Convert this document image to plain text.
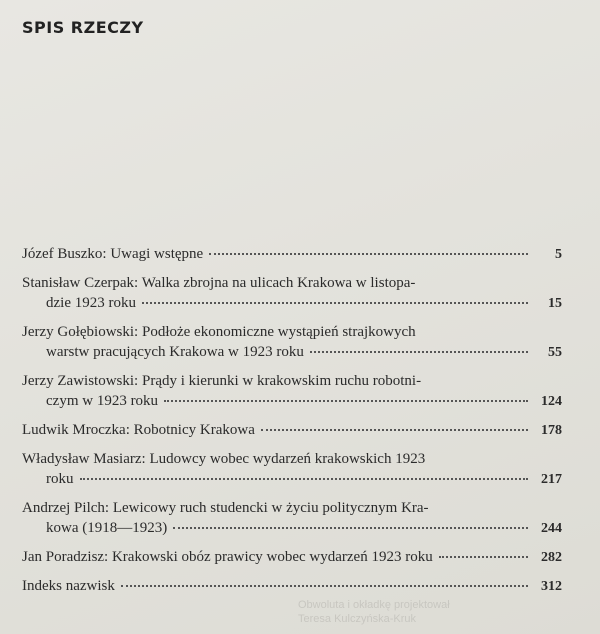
SPIS RZECZY
Józef Buszko: Uwagi wstępne	5
Stanisław Czerpak: Walka zbrojna na ulicach Krakowa w listopa-
dzie 1923 roku	15
Jerzy Gołębiowski: Podłoże ekonomiczne wystąpień strajkowych
warstw pracujących Krakowa w 1923 roku	55
Jerzy Zawistowski: Prądy i kierunki w krakowskim ruchu robotni-
czym w 1923 roku	124
Ludwik Mroczka: Robotnicy Krakowa	178
Władysław Masiarz: Ludowcy wobec wydarzeń krakowskich 1923
roku	217
Andrzej Pilch: Lewicowy ruch studencki w życiu politycznym Kra-
kowa (1918—1923)	244
Jan Poradzisz: Krakowski obóz prawicy wobec wydarzeń 1923 roku	282
Indeks nazwisk	312
Obwoluta i okładkę projektował
Teresa Kulczyńska-Kruk
